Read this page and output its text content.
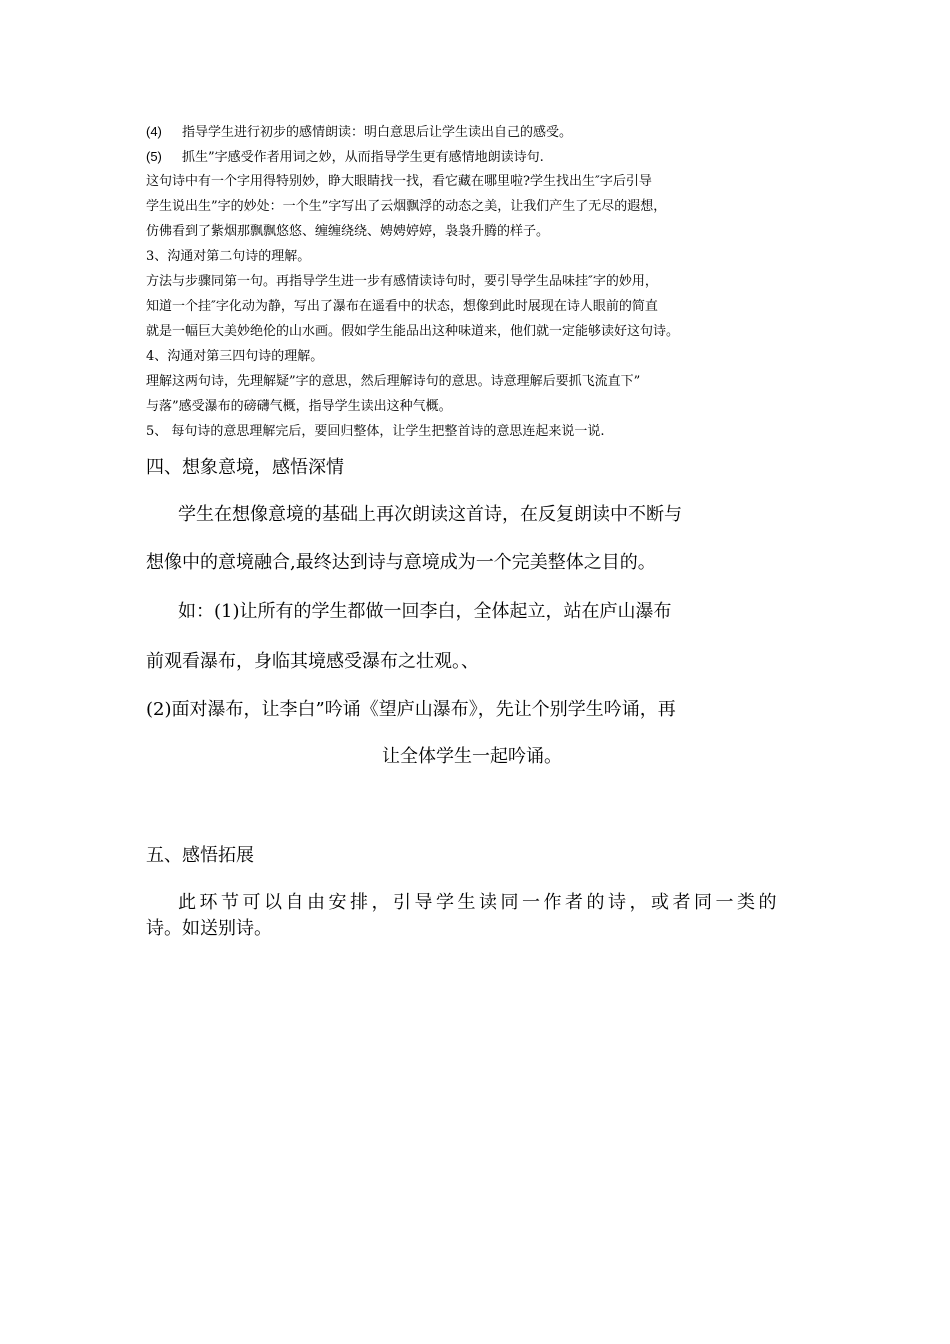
(4) 指导学生进行初步的感情朗读：明白意思后让学生读出自己的感受。

(5) 抓生”字感受作者用词之妙，从而指导学生更有感情地朗读诗句.

这句诗中有一个字用得特别妙，睁大眼睛找一找，看它藏在哪里啦?学生找出生″字后引导

学生说出生”字的妙处：一个生”字写出了云烟飘浮的动态之美，让我们产生了无尽的遐想，

仿佛看到了紫烟那飘飘悠悠、缠缠绕绕、娉娉婷婷，袅袅升腾的样子。

3、沟通对第二句诗的理解。

方法与步骤同第一句。再指导学生进一步有感情读诗句时，要引导学生品味挂″字的妙用，

知道一个挂″字化动为静，写出了瀑布在遥看中的状态，想像到此时展现在诗人眼前的简直

就是一幅巨大美妙绝伦的山水画。假如学生能品出这种味道来，他们就一定能够读好这句诗。

4、沟通对第三四句诗的理解。

理解这两句诗，先理解疑”字的意思，然后理解诗句的意思。诗意理解后要抓飞流直下”

与落”感受瀑布的磅礴气概，指导学生读出这种气概。

5、 每句诗的意思理解完后，要回归整体，让学生把整首诗的意思连起来说一说.

四、想象意境，感悟深情

学生在想像意境的基础上再次朗读这首诗，在反复朗读中不断与

想像中的意境融合,最终达到诗与意境成为一个完美整体之目的。

如：(1)让所有的学生都做一回李白，全体起立，站在庐山瀑布

前观看瀑布，身临其境感受瀑布之壮观。、

(2)面对瀑布，让李白”吟诵《望庐山瀑布》，先让个别学生吟诵，再

让全体学生一起吟诵。

五、感悟拓展

此环节可以自由安排，引导学生读同一作者的诗，或者同一类的

诗。如送别诗。
